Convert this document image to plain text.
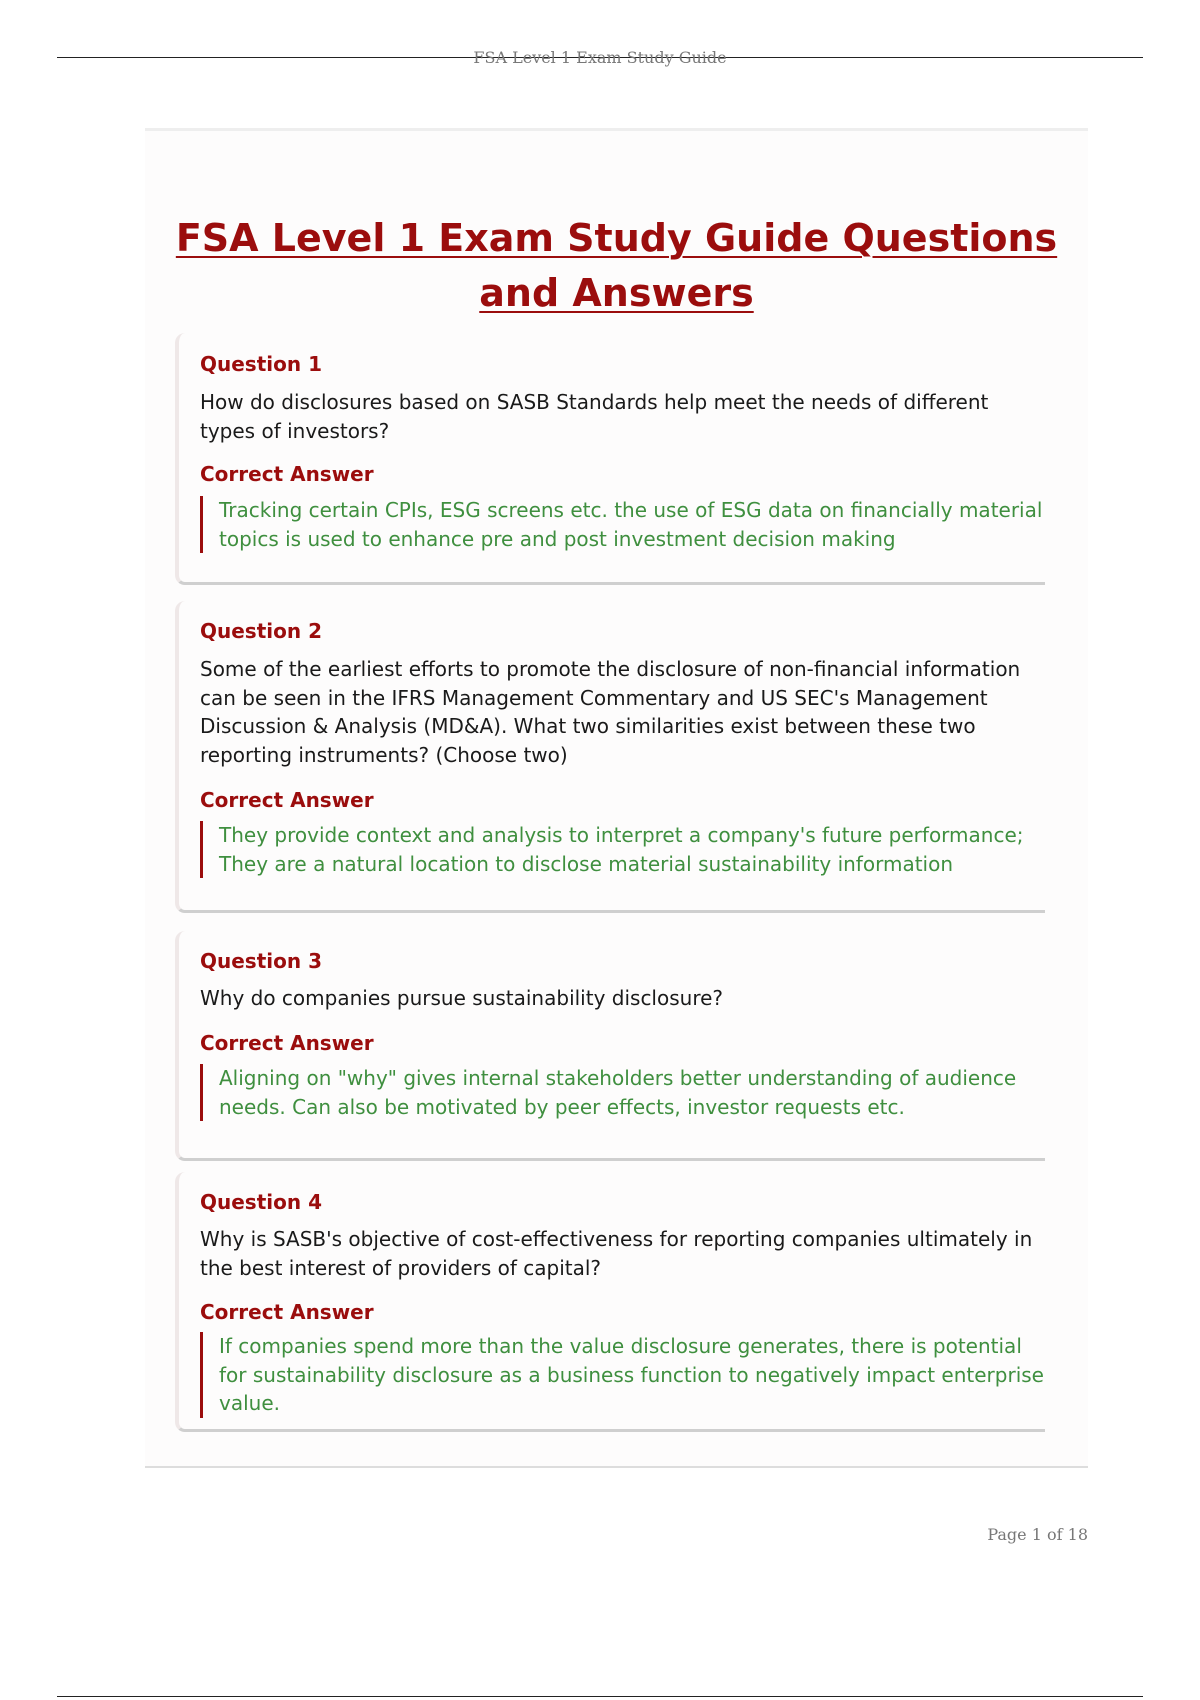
FSA Level 1 Exam Study Guide
FSA Level 1 Exam Study Guide Questions and Answers
Question 1
How do disclosures based on SASB Standards help meet the needs of different types of investors?
Correct Answer
Tracking certain CPIs, ESG screens etc. the use of ESG data on financially material topics is used to enhance pre and post investment decision making
Question 2
Some of the earliest efforts to promote the disclosure of non-financial information can be seen in the IFRS Management Commentary and US SEC's Management Discussion & Analysis (MD&A). What two similarities exist between these two reporting instruments? (Choose two)
Correct Answer
They provide context and analysis to interpret a company's future performance; They are a natural location to disclose material sustainability information
Question 3
Why do companies pursue sustainability disclosure?
Correct Answer
Aligning on "why" gives internal stakeholders better understanding of audience needs. Can also be motivated by peer effects, investor requests etc.
Question 4
Why is SASB's objective of cost-effectiveness for reporting companies ultimately in the best interest of providers of capital?
Correct Answer
If companies spend more than the value disclosure generates, there is potential for sustainability disclosure as a business function to negatively impact enterprise value.
Page 1 of 18
